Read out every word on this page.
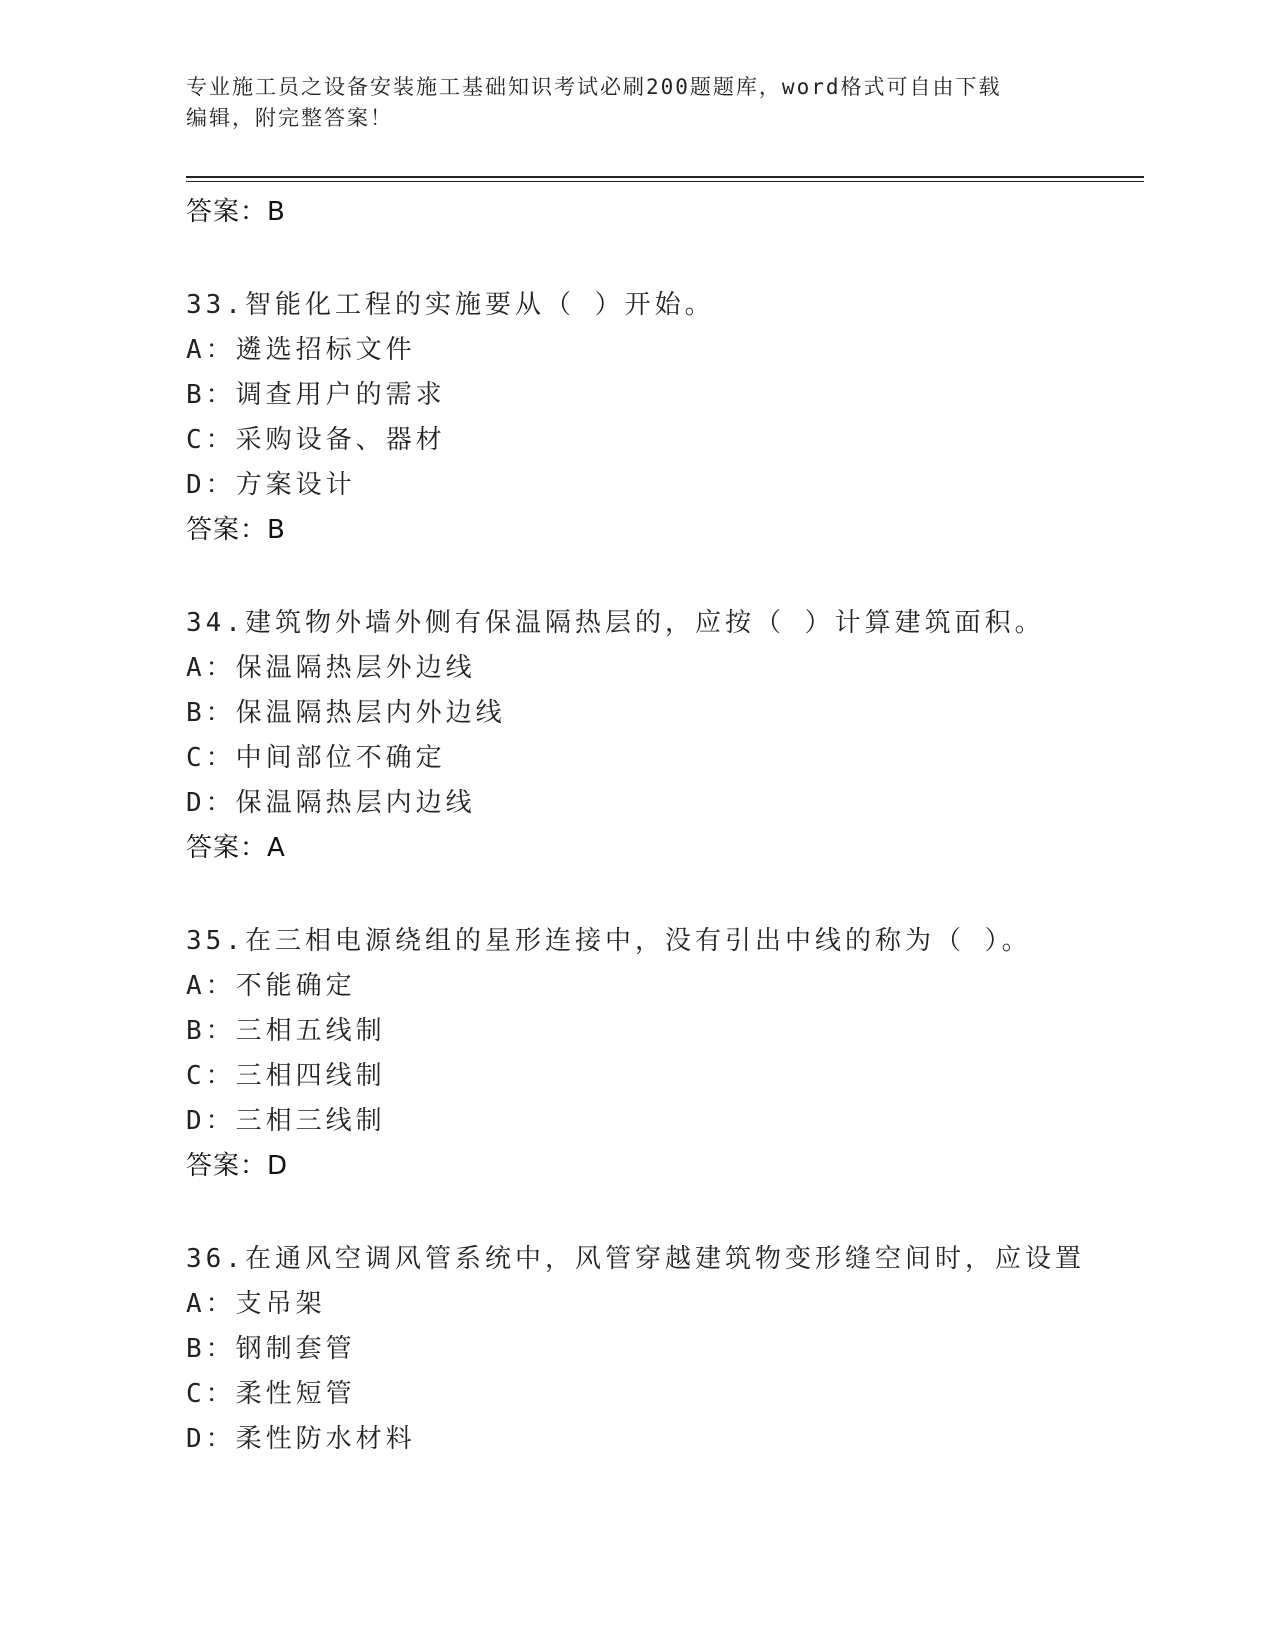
专业施工员之设备安装施工基础知识考试必刷200题题库，word格式可自由下载
编辑，附完整答案！
答案：B
33.智能化工程的实施要从（ ）开始。
A：遴选招标文件
B：调查用户的需求
C：采购设备、器材
D：方案设计
答案：B
34.建筑物外墙外侧有保温隔热层的，应按（ ）计算建筑面积。
A：保温隔热层外边线
B：保温隔热层内外边线
C：中间部位不确定
D：保温隔热层内边线
答案：A
35.在三相电源绕组的星形连接中，没有引出中线的称为（ ）。
A：不能确定
B：三相五线制
C：三相四线制
D：三相三线制
答案：D
36.在通风空调风管系统中，风管穿越建筑物变形缝空间时，应设置
A：支吊架
B：钢制套管
C：柔性短管
D：柔性防水材料
